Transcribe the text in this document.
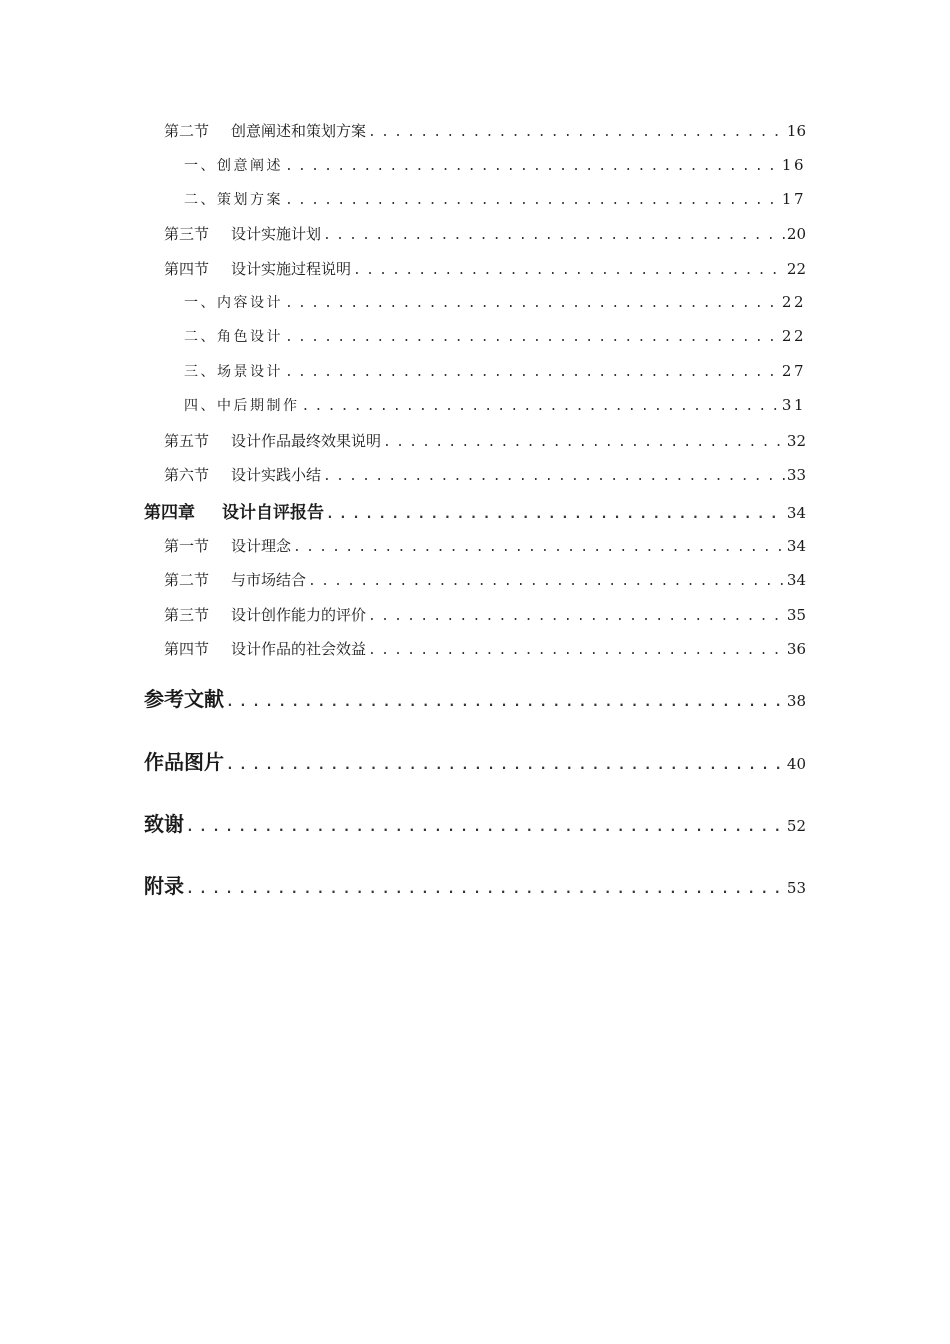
第二节 创意阐述和策划方案 . . .	16
一、创意阐述 . . .	16
二、策划方案 . . .	17
第三节 设计实施计划 . . .	20
第四节 设计实施过程说明 . . .	22
一、内容设计 . . .	22
二、角色设计 . . .	22
三、场景设计 . . .	27
四、中后期制作 . . .	31
第五节 设计作品最终效果说明 . . .	32
第六节 设计实践小结 . . .	33
第四章 设计自评报告 . . .	34
第一节 设计理念 . . .	34
第二节 与市场结合 . . .	34
第三节 设计创作能力的评价 . . .	35
第四节 设计作品的社会效益 . . .	36
参考文献 . . .	38
作品图片 . . .	40
致谢 . . .	52
附录 . . .	53
